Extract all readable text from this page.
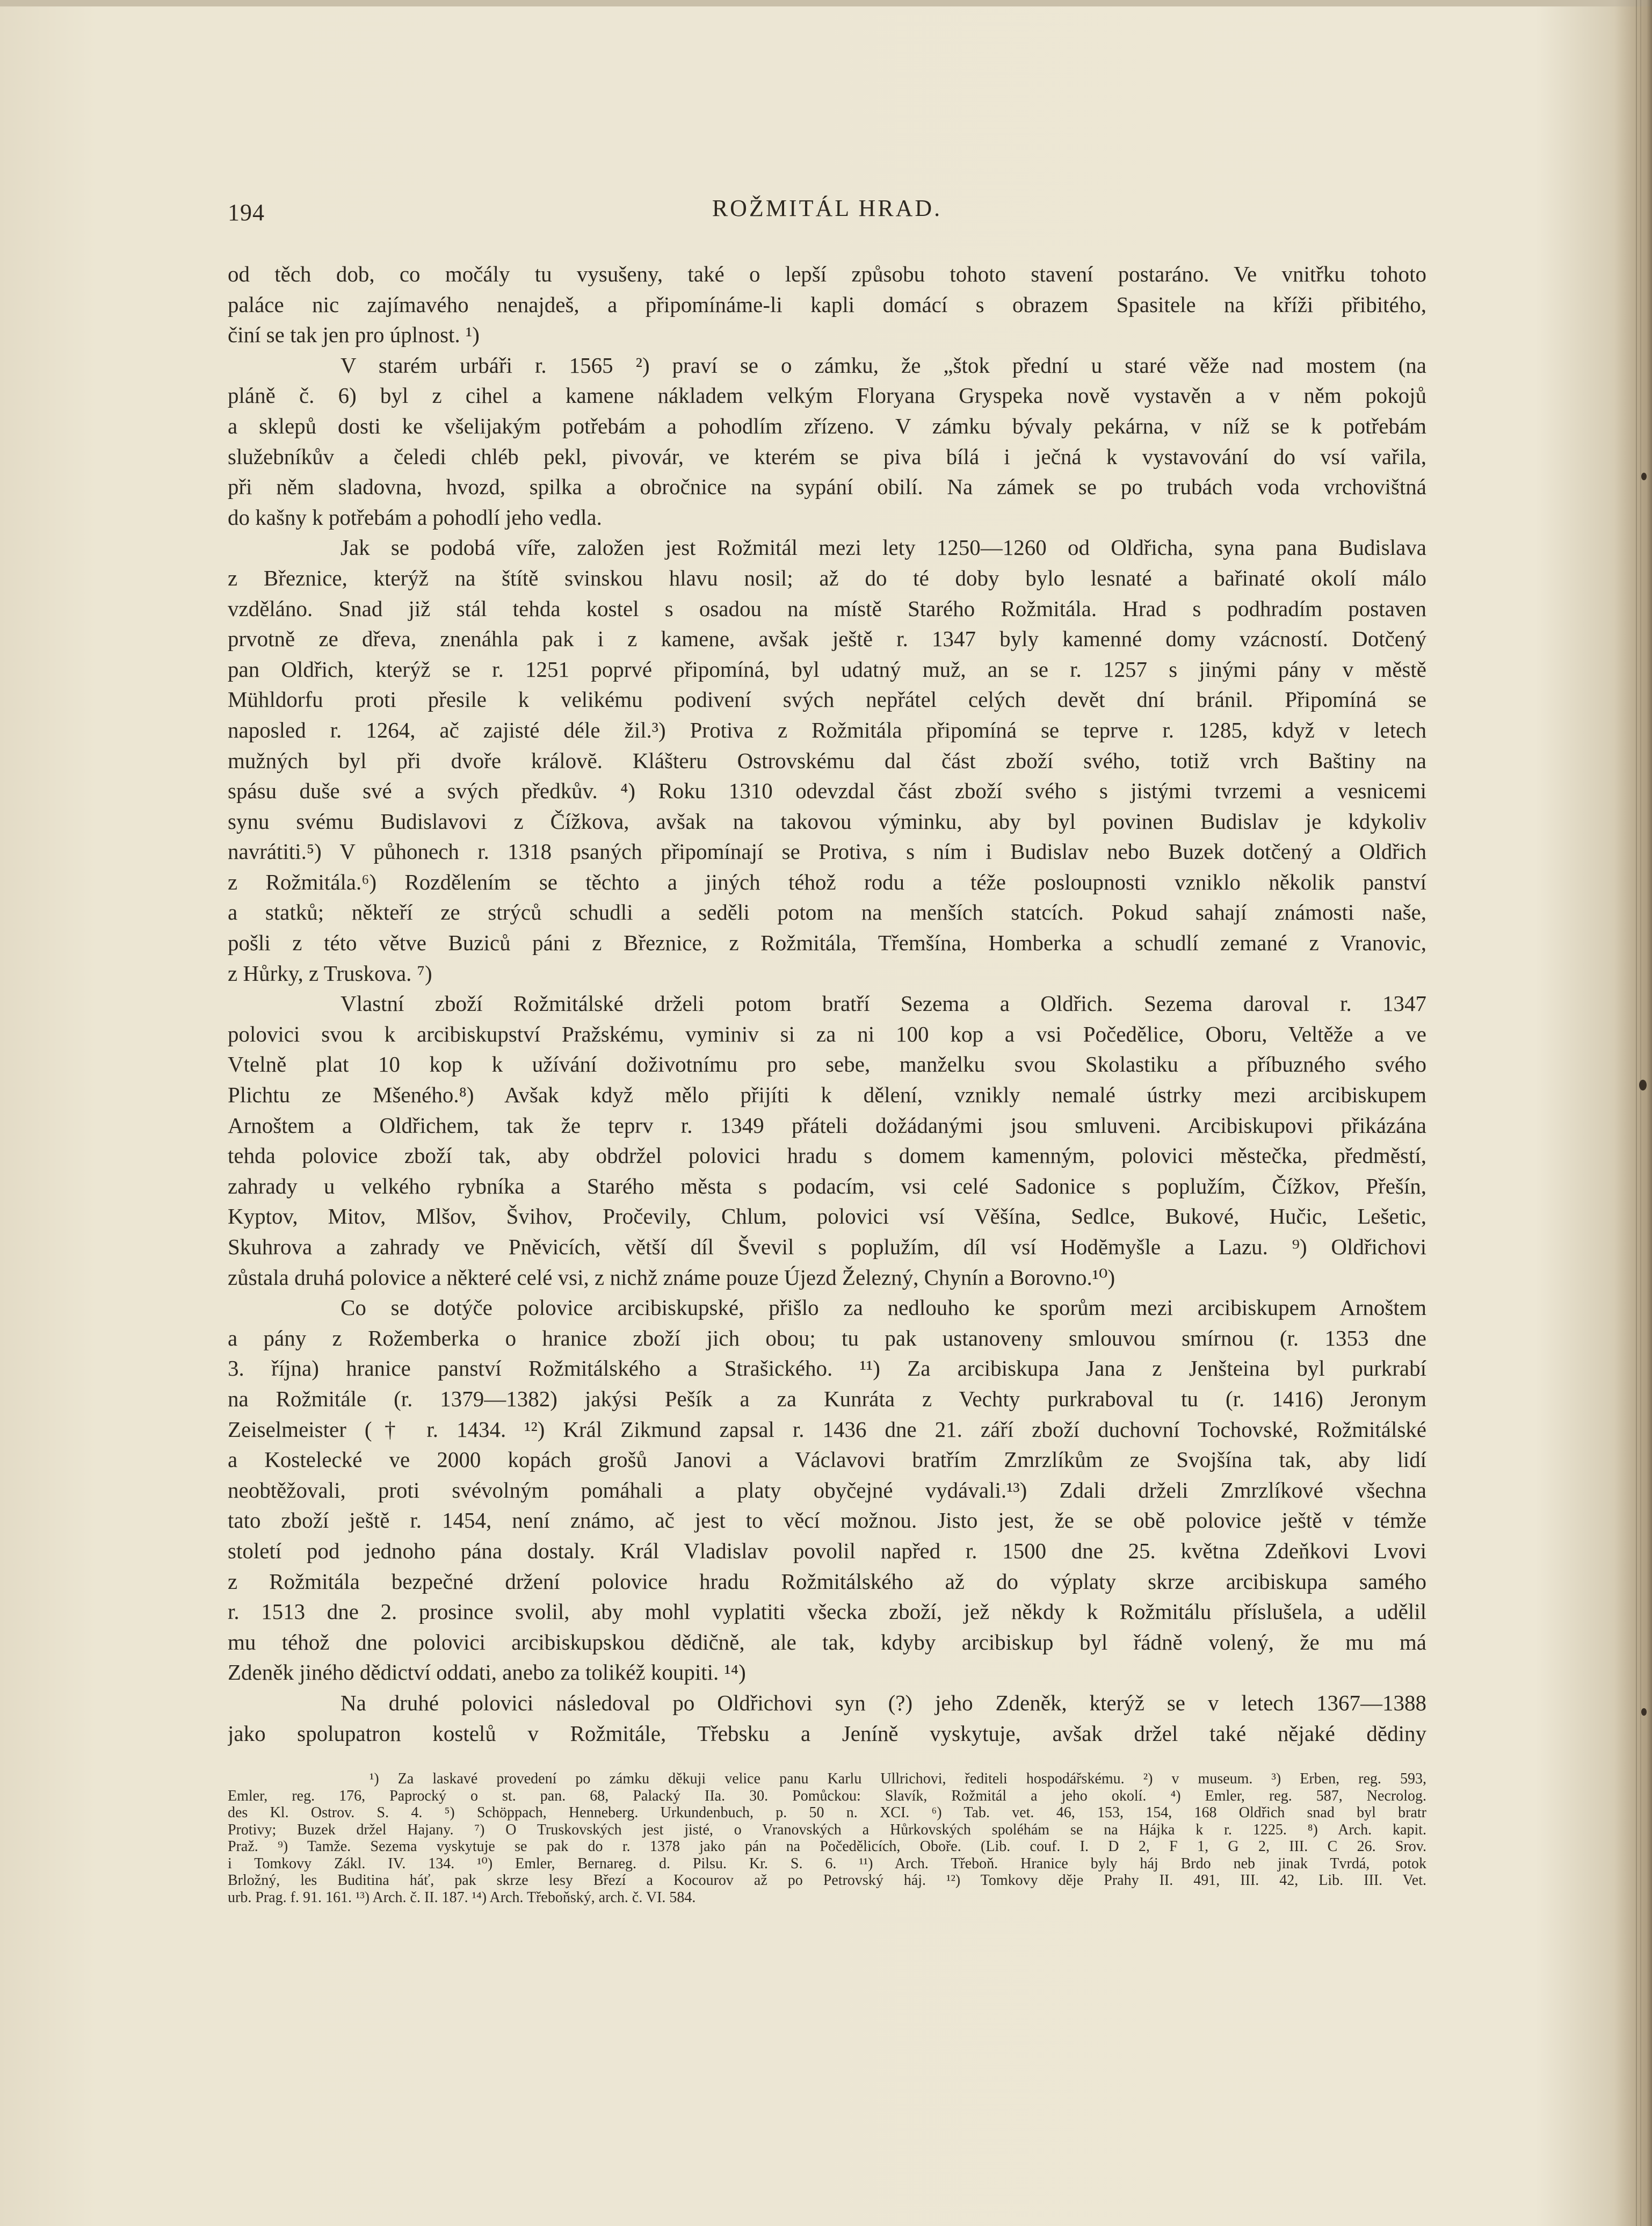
194	ROŽMITÁL HRAD.
od těch dob, co močály tu vysušeny, také o lepší způsobu tohoto stavení postaráno. Ve vnitřku tohoto
paláce nic zajímavého nenajdeš, a připomínáme-li kapli domácí s obrazem Spasitele na kříži přibitého,
činí se tak jen pro úplnost. ¹)
V starém urbáři r. 1565 ²) praví se o zámku, že „štok přední u staré věže nad mostem (na
pláně č. 6) byl z cihel a kamene nákladem velkým Floryana Gryspeka nově vystavěn a v něm pokojů
a sklepů dosti ke všelijakým potřebám a pohodlím zřízeno. V zámku bývaly pekárna, v níž se k potřebám
služebníkův a čeledi chléb pekl, pivovár, ve kterém se piva bílá i ječná k vystavování do vsí vařila,
při něm sladovna, hvozd, spilka a obročnice na sypání obilí. Na zámek se po trubách voda vrchovištná
do kašny k potřebám a pohodlí jeho vedla.
Jak se podobá víře, založen jest Rožmitál mezi lety 1250—1260 od Oldřicha, syna pana Budislava
z Březnice, kterýž na štítě svinskou hlavu nosil; až do té doby bylo lesnaté a bařinaté okolí málo
vzděláno. Snad již stál tehda kostel s osadou na místě Starého Rožmitála. Hrad s podhradím postaven
prvotně ze dřeva, znenáhla pak i z kamene, avšak ještě r. 1347 byly kamenné domy vzácností. Dotčený
pan Oldřich, kterýž se r. 1251 poprvé připomíná, byl udatný muž, an se r. 1257 s jinými pány v městě
Mühldorfu proti přesile k velikému podivení svých nepřátel celých devět dní bránil. Připomíná se
naposled r. 1264, ač zajisté déle žil.³) Protiva z Rožmitála připomíná se teprve r. 1285, když v letech
mužných byl při dvoře královĕ. Klášteru Ostrovskému dal část zboží svého, totiž vrch Baštiny na
spásu duše své a svých předkův. ⁴) Roku 1310 odevzdal část zboží svého s jistými tvrzemi a vesnicemi
synu svému Budislavovi z Čížkova, avšak na takovou výminku, aby byl povinen Budislav je kdykoliv
navrátiti.⁵) V půhonech r. 1318 psaných připomínají se Protiva, s ním i Budislav nebo Buzek dotčený a Oldřich
z Rožmitála.⁶) Rozdělením se těchto a jiných téhož rodu a téže posloupnosti vzniklo několik panství
a statků; někteří ze strýců schudli a seděli potom na menších statcích. Pokud sahají známosti naše,
pošli z této větve Buziců páni z Březnice, z Rožmitála, Třemšína, Homberka a schudlí zemané z Vranovic,
z Hůrky, z Truskova. ⁷)
Vlastní zboží Rožmitálské drželi potom bratří Sezema a Oldřich. Sezema daroval r. 1347
polovici svou k arcibiskupství Pražskému, vyminiv si za ni 100 kop a vsi Počedělice, Oboru, Veltěže a ve
Vtelně plat 10 kop k užívání doživotnímu pro sebe, manželku svou Skolastiku a příbuzného svého
Plichtu ze Mšeného.⁸) Avšak když mělo přijíti k dělení, vznikly nemalé ústrky mezi arcibiskupem
Arnoštem a Oldřichem, tak že teprv r. 1349 přáteli dožádanými jsou smluveni. Arcibiskupovi přikázána
tehda polovice zboží tak, aby obdržel polovici hradu s domem kamenným, polovici městečka, předměstí,
zahrady u velkého rybníka a Starého města s podacím, vsi celé Sadonice s poplužím, Čížkov, Přešín,
Kyptov, Mitov, Mlšov, Švihov, Pročevily, Chlum, polovici vsí Věšína, Sedlce, Bukové, Hučic, Lešetic,
Skuhrova a zahrady ve Pněvicích, větší díl Švevil s poplužím, díl vsí Hodĕmyšle a Lazu. ⁹) Oldřichovi
zůstala druhá polovice a některé celé vsi, z nichž známe pouze Újezd Železný, Chynín a Borovno.¹⁰)
Co se dotýče polovice arcibiskupské, přišlo za nedlouho ke sporům mezi arcibiskupem Arnoštem
a pány z Rožemberka o hranice zboží jich obou; tu pak ustanoveny smlouvou smírnou (r. 1353 dne
3. října) hranice panství Rožmitálského a Strašického. ¹¹) Za arcibiskupa Jana z Jenšteina byl purkrabí
na Rožmitále (r. 1379—1382) jakýsi Pešík a za Kunráta z Vechty purkraboval tu (r. 1416) Jeronym
Zeiselmeister († r. 1434. ¹²) Král Zikmund zapsal r. 1436 dne 21. září zboží duchovní Tochovské, Rožmitálské
a Kostelecké ve 2000 kopách grošů Janovi a Václavovi bratřím Zmrzlíkům ze Svojšína tak, aby lidí
neobtěžovali, proti svévolným pomáhali a platy obyčejné vydávali.¹³) Zdali drželi Zmrzlíkové všechna
tato zboží ještě r. 1454, není známo, ač jest to věcí možnou. Jisto jest, že se obě polovice ještě v témže
století pod jednoho pána dostaly. Král Vladislav povolil napřed r. 1500 dne 25. května Zdeňkovi Lvovi
z Rožmitála bezpečné držení polovice hradu Rožmitálského až do výplaty skrze arcibiskupa samého
r. 1513 dne 2. prosince svolil, aby mohl vyplatiti všecka zboží, jež někdy k Rožmitálu příslušela, a udělil
mu téhož dne polovici arcibiskupskou dědičně, ale tak, kdyby arcibiskup byl řádně volený, že mu má
Zdeněk jiného dědictví oddati, anebo za tolikéž koupiti. ¹⁴)
Na druhé polovici následoval po Oldřichovi syn (?) jeho Zdeněk, kterýž se v letech 1367—1388
jako spolupatron kostelů v Rožmitále, Třebsku a Jeníně vyskytuje, avšak držel také nějaké dĕdiny
¹) Za laskavé provedení po zámku děkuji velice panu Karlu Ullrichovi, řediteli hospodářskému. ²) v museum. ³) Erben, reg. 593,
Emler, reg. 176, Paprocký o st. pan. 68, Palacký IIa. 30. Pomůckou: Slavík, Rožmitál a jeho okolí. ⁴) Emler, reg. 587, Necrolog.
des Kl. Ostrov. S. 4. ⁵) Schöppach, Henneberg. Urkundenbuch, p. 50 n. XCI. ⁶) Tab. vet. 46, 153, 154, 168 Oldřich snad byl bratr
Protivy; Buzek držel Hajany. ⁷) O Truskovských jest jisté, o Vranovských a Hůrkovských spoléhám se na Hájka k r. 1225. ⁸) Arch. kapit.
Praž. ⁹) Tamže. Sezema vyskytuje se pak do r. 1378 jako pán na Počedělicích, Oboře. (Lib. couf. I. D 2, F 1, G 2, III. C 26. Srov.
i Tomkovy Zákl. IV. 134. ¹⁰) Emler, Bernareg. d. Pilsu. Kr. S. 6. ¹¹) Arch. Třeboň. Hranice byly háj Brdo neb jinak Tvrdá, potok
Brložný, les Buditina háť, pak skrze lesy Březí a Kocourov až po Petrovský háj. ¹²) Tomkovy děje Prahy II. 491, III. 42, Lib. III. Vet.
urb. Prag. f. 91. 161. ¹³) Arch. č. II. 187. ¹⁴) Arch. Třeboňský, arch. č. VI. 584.
